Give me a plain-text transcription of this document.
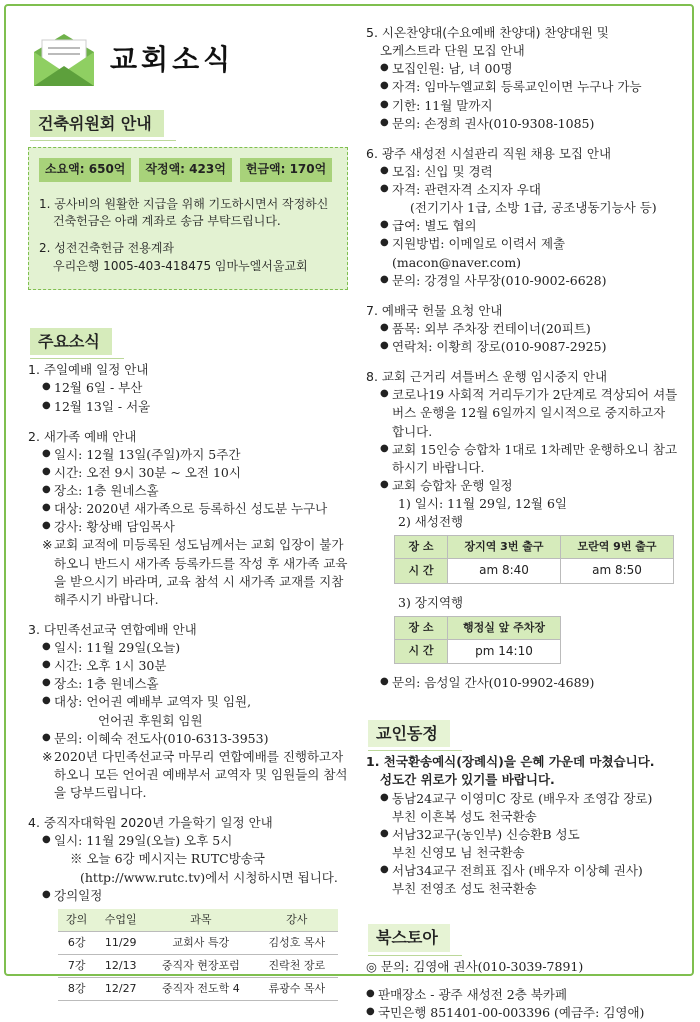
교회소식
건축위원회 안내
소요액: 650억	작정액: 423억	헌금액: 170억

1. 공사비의 원활한 지급을 위해 기도하시면서 작정하신
건축헌금은 아래 계좌로 송금 부탁드립니다.

2. 성전건축헌금 전용계좌
우리은행 1005-403-418475 임마누엘서울교회

주요소식
1. 주일예배 일정 안내
● 12월 6일 - 부산
● 12월 13일 - 서울
2. 새가족 예배 안내
● 일시: 12월 13일(주일)까지 5주간
● 시간: 오전 9시 30분 ~ 오전 10시
● 장소: 1층 원네스홀
● 대상: 2020년 새가족으로 등록하신 성도분 누구나
● 강사: 황상배 담임목사
※ 교회 교적에 미등록된 성도님께서는 교회 입장이 불가하오니 반드시 새가족 등록카드를 작성 후 새가족 교육을 받으시기 바라며, 교육 참석 시 새가족 교재를 지참해주시기 바랍니다.
3. 다민족선교국 연합예배 안내
● 일시: 11월 29일(오늘)
● 시간: 오후 1시 30분
● 장소: 1층 원네스홀
● 대상: 언어권 예배부 교역자 및 임원,
언어권 후원회 임원
● 문의: 이혜숙 전도사(010-6313-3953)
※ 2020년 다민족선교국 마무리 연합예배를 진행하고자 하오니 모든 언어권 예배부서 교역자 및 임원들의 참석을 당부드립니다.
4. 중직자대학원 2020년 가을학기 일정 안내
● 일시: 11월 29일(오늘) 오후 5시
※ 오늘 6강 메시지는 RUTC방송국
(http://www.rutc.tv)에서 시청하시면 됩니다.
● 강의일정
강의	수업일	과목	강사
6강	11/29	교회사 특강	김성호 목사
7강	12/13	중직자 현장포럼	진락천 장로
8강	12/27	중직자 전도학 4	류광수 목사
5. 시온찬양대(수요예배 찬양대) 찬양대원 및
오케스트라 단원 모집 안내
● 모집인원: 남, 녀 00명
● 자격: 임마누엘교회 등록교인이면 누구나 가능
● 기한: 11월 말까지
● 문의: 손정희 권사(010-9308-1085)
6. 광주 새성전 시설관리 직원 채용 모집 안내
● 모집: 신입 및 경력
● 자격: 관련자격 소지자 우대
(전기기사 1급, 소방 1급, 공조냉동기능사 등)
● 급여: 별도 협의
● 지원방법: 이메일로 이력서 제출 (macon@naver.com)
● 문의: 강경일 사무장(010-9002-6628)
7. 예배국 헌물 요청 안내
● 품목: 외부 주차장 컨테이너(20피트)
● 연락처: 이황희 장로(010-9087-2925)
8. 교회 근거리 셔틀버스 운행 임시중지 안내
● 코로나19 사회적 거리두기가 2단계로 격상되어 셔틀버스 운행을 12월 6일까지 일시적으로 중지하고자 합니다.
● 교회 15인승 승합차 1대로 1차례만 운행하오니 참고하시기 바랍니다.
● 교회 승합차 운행 일정
1) 일시: 11월 29일, 12월 6일
2) 새성전행
장 소	장지역 3번 출구	모란역 9번 출구
시 간	am 8:40	am 8:50
3) 장지역행
장 소	행정실 앞 주차장
시 간	pm 14:10
● 문의: 음성일 간사(010-9902-4689)
교인동정
1. 천국환송예식(장례식)을 은혜 가운데 마쳤습니다.
성도간 위로가 있기를 바랍니다.
● 동남24교구 이영미C 장로 (배우자 조영갑 장로)
부친 이흔복 성도 천국환송
● 서남32교구(농인부) 신승환B 성도
부친 신영모 님 천국환송
● 서남34교구 전희표 집사 (배우자 이상혜 권사)
부친 전영조 성도 천국환송
북스토아
◎ 문의: 김영애 권사(010-3039-7891)
● 판매장소 - 광주 새성전 2층 북카페
● 국민은행 851401-00-003396 (예금주: 김영애)
